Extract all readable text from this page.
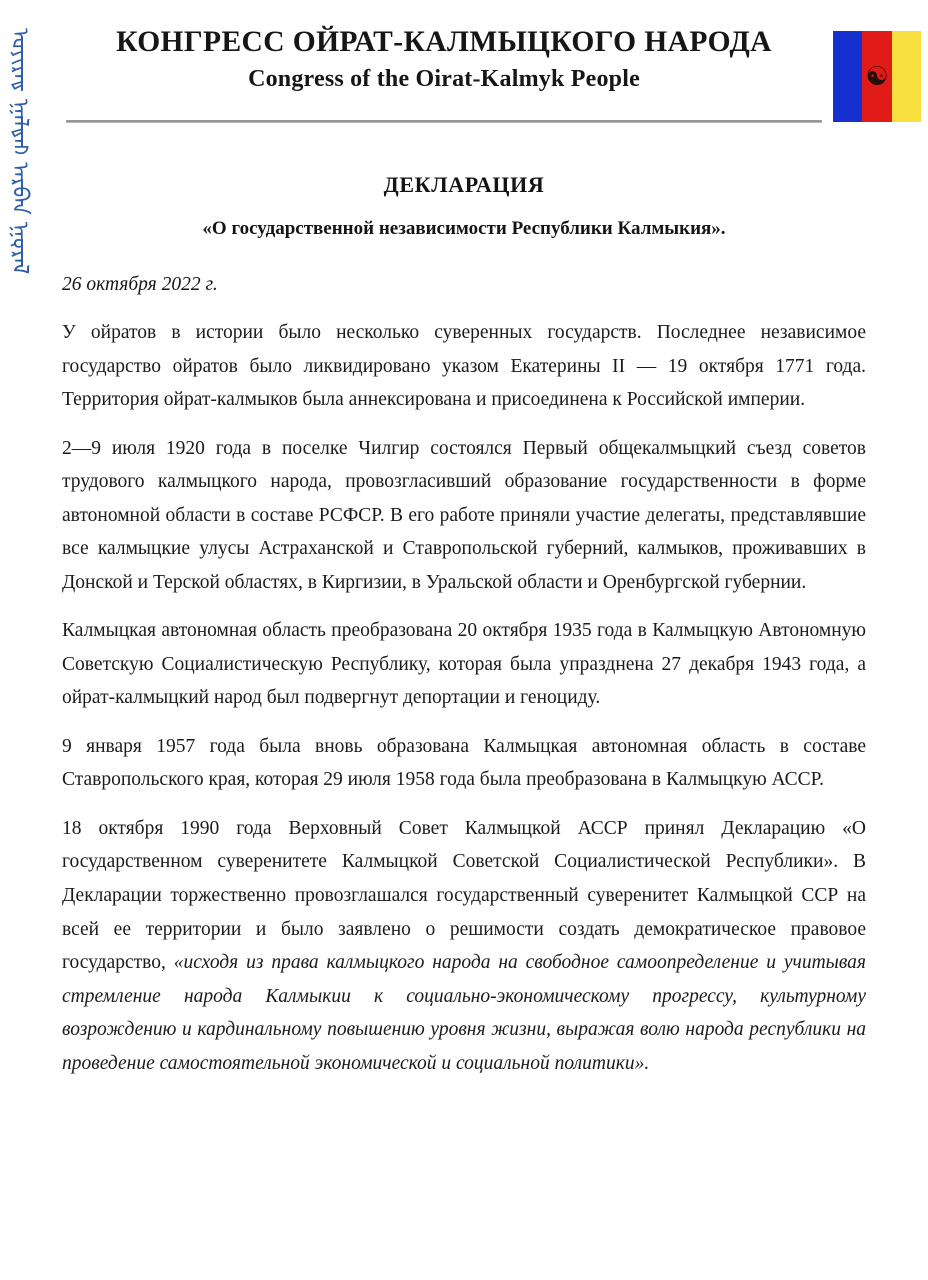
ᡆᠶᠢᠷᠠᡑ ᡍᠠᠯᡑᠠᡅ ᠠᠷᡋᠠᠨ ᡍᡇᠷᠠᠯ	КОНГРЕСС ОЙРАТ-КАЛМЫЦКОГО НАРОДА
Congress of the Oirat-Kalmyk People	☯
ДЕКЛАРАЦИЯ
«О государственной независимости Республики Калмыкия».
26 октября 2022 г.

У ойратов в истории было несколько суверенных государств. Последнее независимое государство ойратов было ликвидировано указом Екатерины II — 19 октября 1771 года. Территория ойрат-калмыков была аннексирована и присоединена к Российской империи.

2—9 июля 1920 года в поселке Чилгир состоялся Первый общекалмыцкий съезд советов трудового калмыцкого народа, провозгласивший образование государственности в форме автономной области в составе РСФСР. В его работе приняли участие делегаты, представлявшие все калмыцкие улусы Астраханской и Ставропольской губерний, калмыков, проживавших в Донской и Терской областях, в Киргизии, в Уральской области и Оренбургской губернии.

Калмыцкая автономная область преобразована 20 октября 1935 года в Калмыцкую Автономную Советскую Социалистическую Республику, которая была упразднена 27 декабря 1943 года, а ойрат-калмыцкий народ был подвергнут депортации и геноциду.

9 января 1957 года была вновь образована Калмыцкая автономная область в составе Ставропольского края, которая 29 июля 1958 года была преобразована в Калмыцкую АССР.

18 октября 1990 года Верховный Совет Калмыцкой АССР принял Декларацию «О государственном суверенитете Калмыцкой Советской Социалистической Республики». В Декларации торжественно провозглашался государственный суверенитет Калмыцкой ССР на всей ее территории и было заявлено о решимости создать демократическое правовое государство, «исходя из права калмыцкого народа на свободное самоопределение и учитывая стремление народа Калмыкии к социально-экономическому прогрессу, культурному возрождению и кардинальному повышению уровня жизни, выражая волю народа республики на проведение самостоятельной экономической и социальной политики».
